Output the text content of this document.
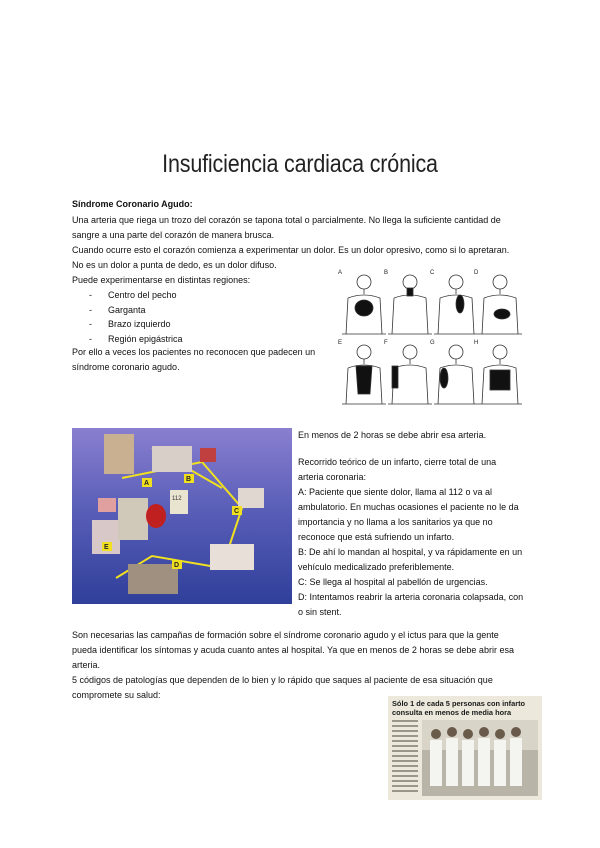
Insuficiencia cardiaca crónica
Síndrome Coronario Agudo:
Una arteria que riega un trozo del corazón se tapona total o parcialmente. No llega la suficiente cantidad de
sangre a una parte del corazón de manera brusca.
Cuando ocurre esto el corazón comienza a experimentar un dolor. Es un dolor opresivo, como si lo apretaran.
No es un dolor a punta de dedo, es un dolor difuso.
Puede experimentarse en distintas regiones:
- Centro del pecho
- Garganta
- Brazo izquierdo
- Región epigástrica
Por ello a veces los pacientes no reconocen que padecen un
síndrome coronario agudo.
A	B	C	D
E	F	G	H
112
A
B
C
D
E
En menos de 2 horas se debe abrir esa arteria.
Recorrido teórico de un infarto, cierre total de una
arteria coronaria:
A: Paciente que siente dolor, llama al 112 o va al
ambulatorio. En muchas ocasiones el paciente no le da
importancia y no llama a los sanitarios ya que no
reconoce que está sufriendo un infarto.
B: De ahí lo mandan al hospital, y va rápidamente en un
vehículo medicalizado preferiblemente.
C: Se llega al hospital al pabellón de urgencias.
D: Intentamos reabrir la arteria coronaria colapsada, con
o sin stent.
Son necesarias las campañas de formación sobre el síndrome coronario agudo y el ictus para que la gente
pueda identificar los síntomas y acuda cuanto antes al hospital. Ya que en menos de 2 horas se debe abrir esa
arteria.
5 códigos de patologías que dependen de lo bien y lo rápido que saques al paciente de esa situación que
compromete su salud:
Sólo 1 de cada 5 personas con infarto
consulta en menos de media hora
